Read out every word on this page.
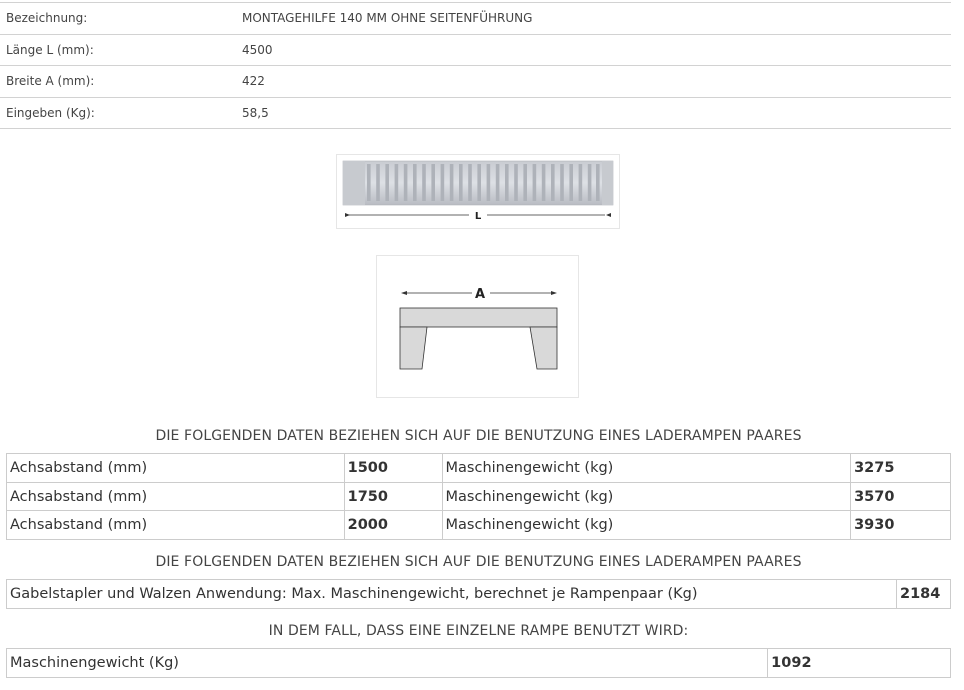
Bezeichnung:	MONTAGEHILFE 140 MM OHNE SEITENFÜHRUNG
Länge L (mm):	4500
Breite A (mm):	422
Eingeben (Kg):	58,5
L
A
DIE FOLGENDEN DATEN BEZIEHEN SICH AUF DIE BENUTZUNG EINES LADERAMPEN PAARES
Achsabstand (mm)	1500	Maschinengewicht (kg)	3275
Achsabstand (mm)	1750	Maschinengewicht (kg)	3570
Achsabstand (mm)	2000	Maschinengewicht (kg)	3930
DIE FOLGENDEN DATEN BEZIEHEN SICH AUF DIE BENUTZUNG EINES LADERAMPEN PAARES
Gabelstapler und Walzen Anwendung: Max. Maschinengewicht, berechnet je Rampenpaar (Kg)	2184
IN DEM FALL, DASS EINE EINZELNE RAMPE BENUTZT WIRD:
Maschinengewicht (Kg)	1092
